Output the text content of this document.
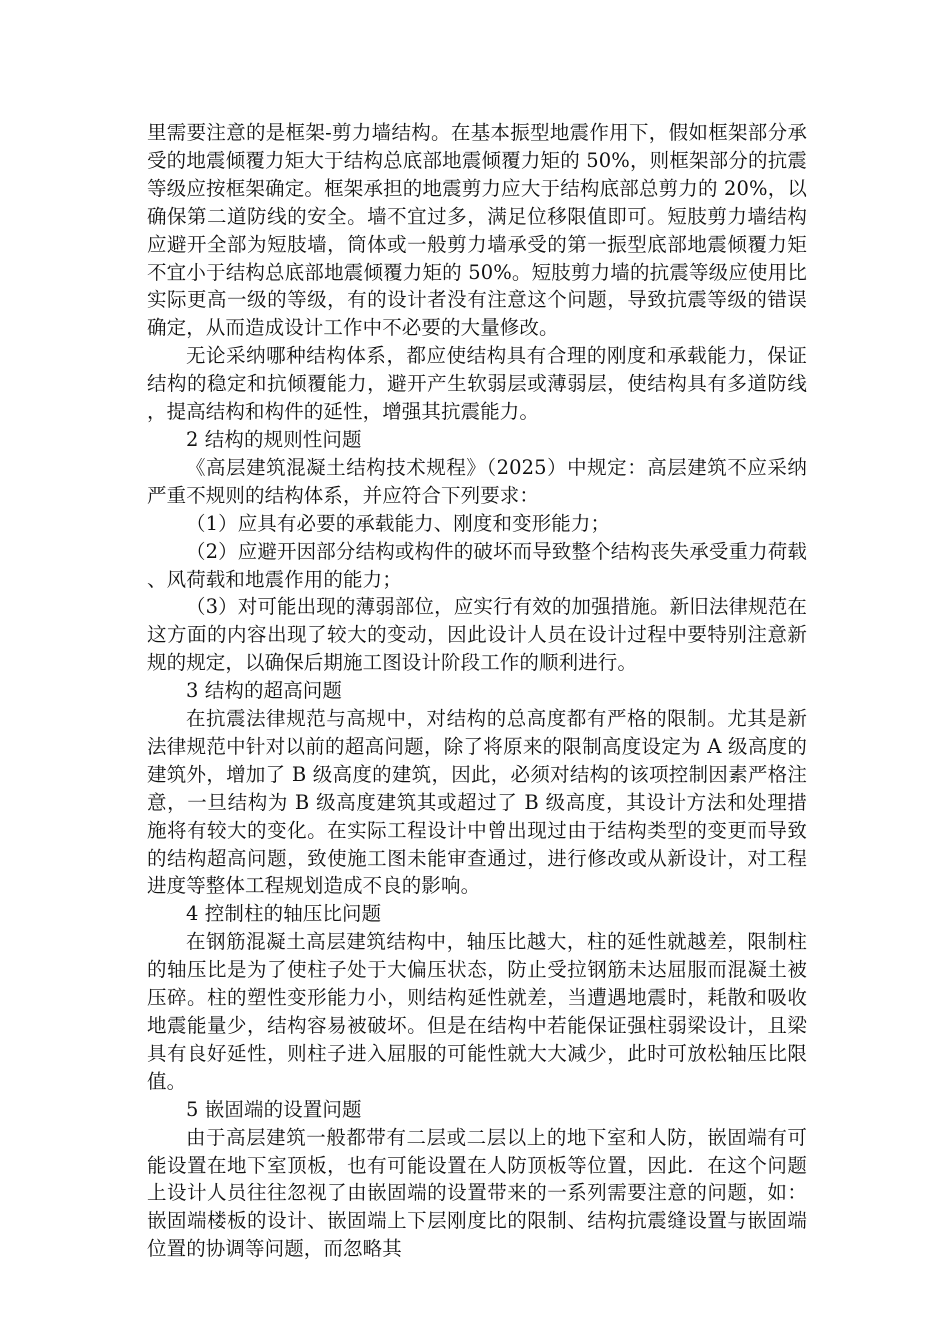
里需要注意的是框架-剪力墙结构。在基本振型地震作用下，假如框架部分承受的地震倾覆力矩大于结构总底部地震倾覆力矩的 50%，则框架部分的抗震等级应按框架确定。框架承担的地震剪力应大于结构底部总剪力的 20%，以确保第二道防线的安全。墙不宜过多，满足位移限值即可。短肢剪力墙结构应避开全部为短肢墙，筒体或一般剪力墙承受的第一振型底部地震倾覆力矩不宜小于结构总底部地震倾覆力矩的 50%。短肢剪力墙的抗震等级应使用比实际更高一级的等级，有的设计者没有注意这个问题，导致抗震等级的错误确定，从而造成设计工作中不必要的大量修改。

无论采纳哪种结构体系，都应使结构具有合理的刚度和承载能力，保证结构的稳定和抗倾覆能力，避开产生软弱层或薄弱层，使结构具有多道防线，提高结构和构件的延性，增强其抗震能力。

2 结构的规则性问题

《高层建筑混凝土结构技术规程》（2025）中规定：高层建筑不应采纳严重不规则的结构体系，并应符合下列要求：

（1）应具有必要的承载能力、刚度和变形能力；

（2）应避开因部分结构或构件的破坏而导致整个结构丧失承受重力荷载、风荷载和地震作用的能力；

（3）对可能出现的薄弱部位，应实行有效的加强措施。新旧法律规范在这方面的内容出现了较大的变动，因此设计人员在设计过程中要特别注意新规的规定，以确保后期施工图设计阶段工作的顺利进行。

3 结构的超高问题

在抗震法律规范与高规中，对结构的总高度都有严格的限制。尤其是新法律规范中针对以前的超高问题，除了将原来的限制高度设定为 A 级高度的建筑外，增加了 B 级高度的建筑，因此，必须对结构的该项控制因素严格注意，一旦结构为 B 级高度建筑其或超过了 B 级高度，其设计方法和处理措施将有较大的变化。在实际工程设计中曾出现过由于结构类型的变更而导致的结构超高问题，致使施工图未能审查通过，进行修改或从新设计，对工程进度等整体工程规划造成不良的影响。

4 控制柱的轴压比问题

在钢筋混凝土高层建筑结构中，轴压比越大，柱的延性就越差，限制柱的轴压比是为了使柱子处于大偏压状态，防止受拉钢筋未达屈服而混凝土被压碎。柱的塑性变形能力小，则结构延性就差，当遭遇地震时，耗散和吸收地震能量少，结构容易被破坏。但是在结构中若能保证强柱弱梁设计，且梁具有良好延性，则柱子进入屈服的可能性就大大减少，此时可放松轴压比限值。

5 嵌固端的设置问题

由于高层建筑一般都带有二层或二层以上的地下室和人防，嵌固端有可能设置在地下室顶板，也有可能设置在人防顶板等位置，因此．在这个问题上设计人员往往忽视了由嵌固端的设置带来的一系列需要注意的问题，如：嵌固端楼板的设计、嵌固端上下层刚度比的限制、结构抗震缝设置与嵌固端位置的协调等问题，而忽略其
